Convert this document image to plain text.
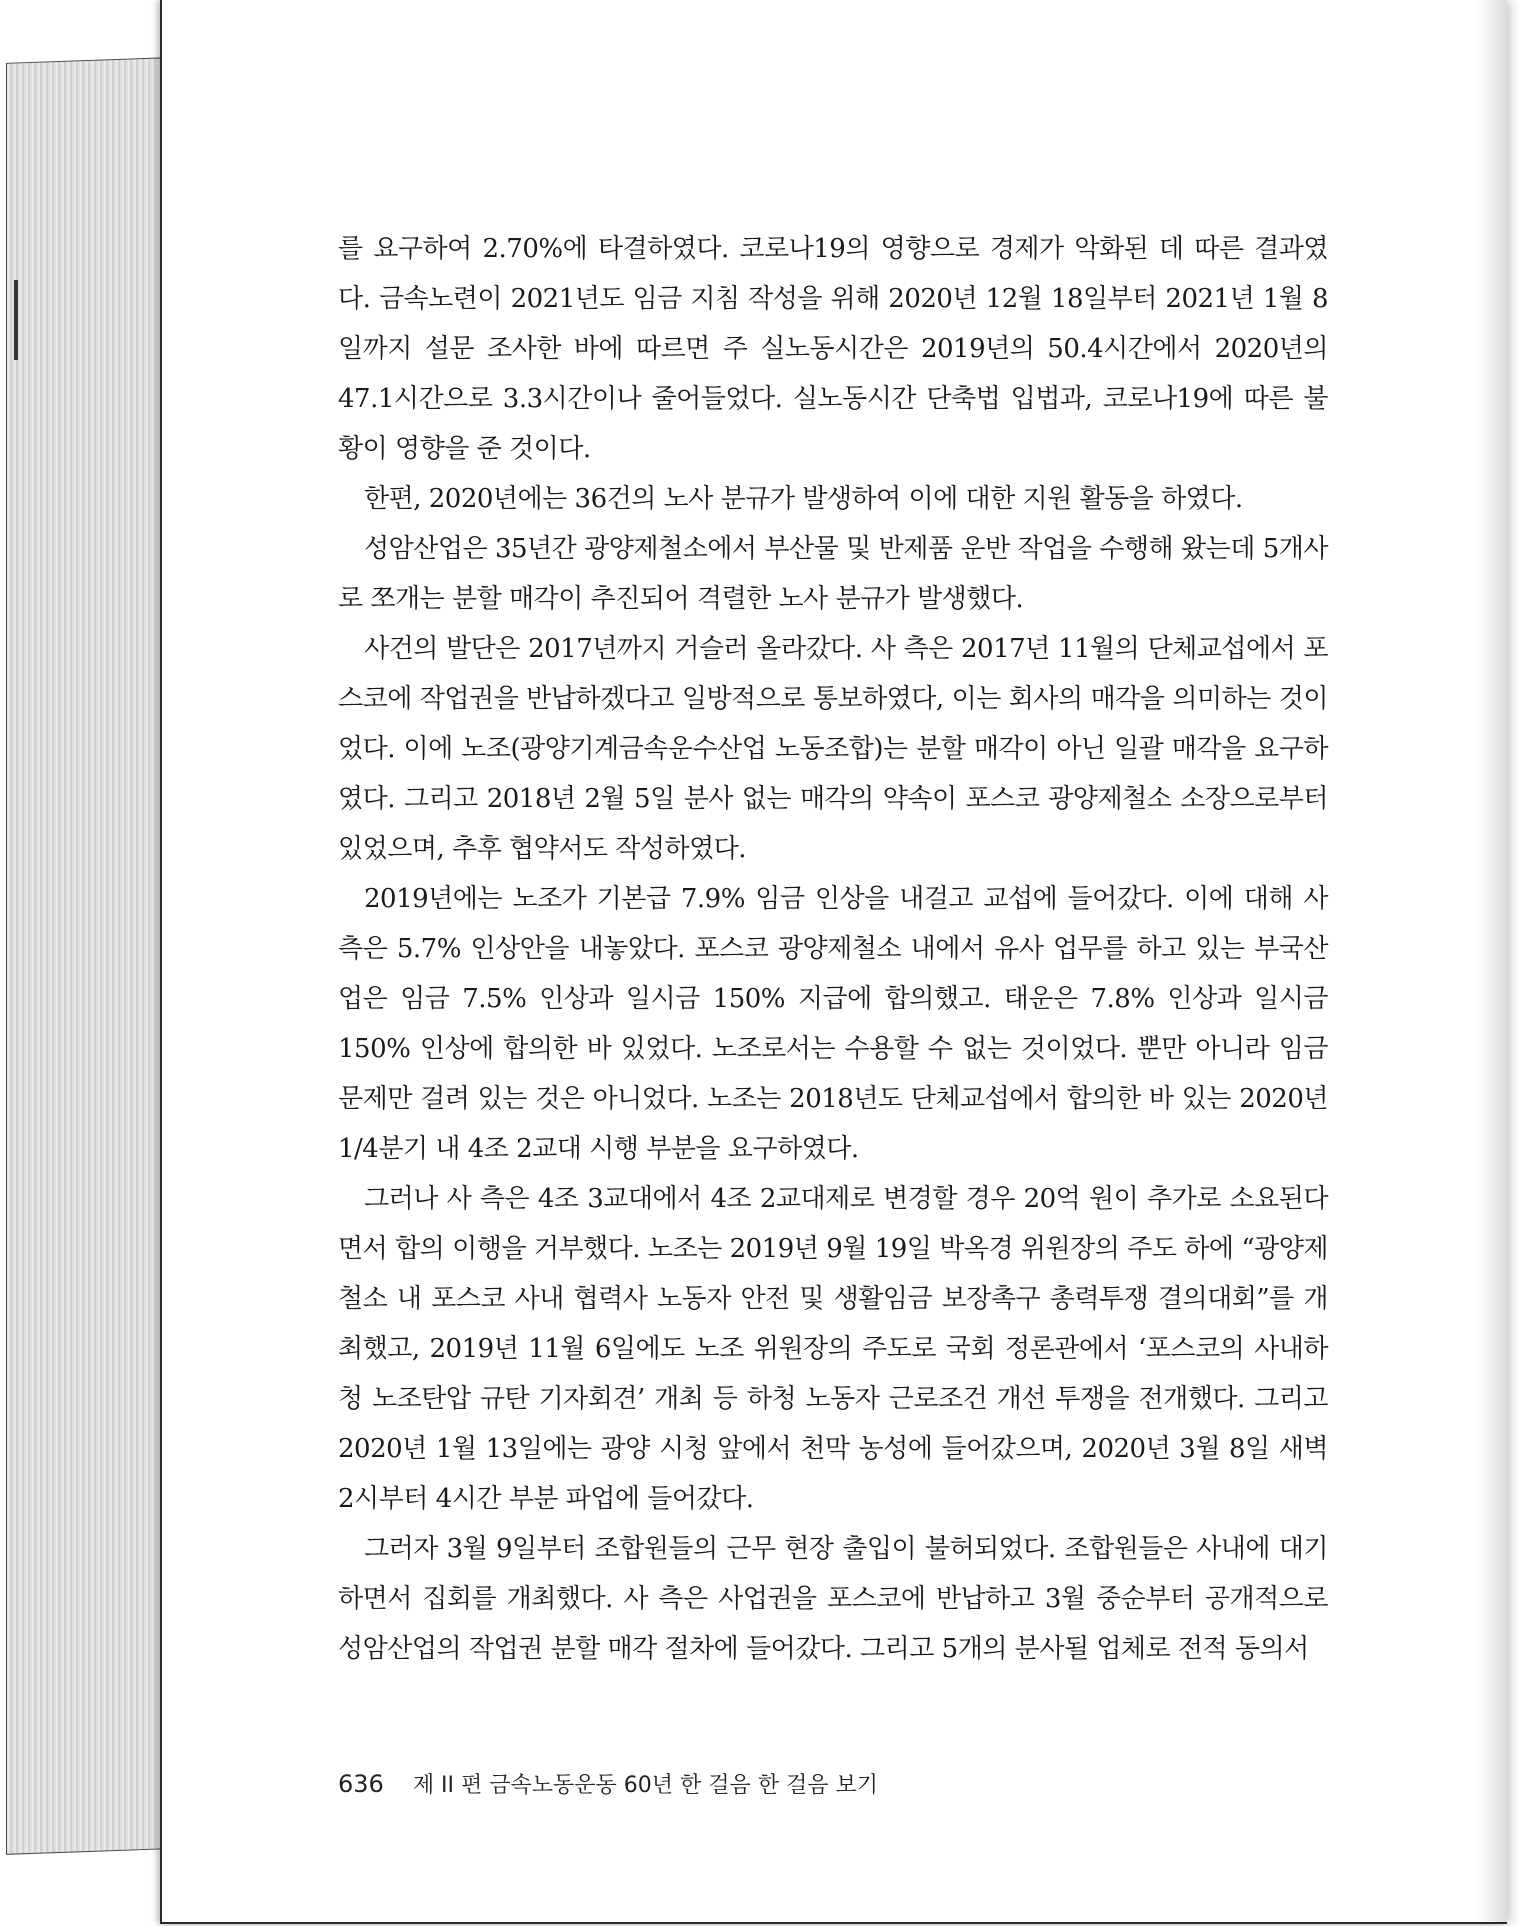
를 요구하여 2.70%에 타결하였다. 코로나19의 영향으로 경제가 악화된 데 따른 결과였다. 금속노련이 2021년도 임금 지침 작성을 위해 2020년 12월 18일부터 2021년 1월 8일까지 설문 조사한 바에 따르면 주 실노동시간은 2019년의 50.4시간에서 2020년의 47.1시간으로 3.3시간이나 줄어들었다. 실노동시간 단축법 입법과, 코로나19에 따른 불황이 영향을 준 것이다.

한편, 2020년에는 36건의 노사 분규가 발생하여 이에 대한 지원 활동을 하였다.

성암산업은 35년간 광양제철소에서 부산물 및 반제품 운반 작업을 수행해 왔는데 5개사로 쪼개는 분할 매각이 추진되어 격렬한 노사 분규가 발생했다.

사건의 발단은 2017년까지 거슬러 올라갔다. 사 측은 2017년 11월의 단체교섭에서 포스코에 작업권을 반납하겠다고 일방적으로 통보하였다, 이는 회사의 매각을 의미하는 것이었다. 이에 노조(광양기계금속운수산업 노동조합)는 분할 매각이 아닌 일괄 매각을 요구하였다. 그리고 2018년 2월 5일 분사 없는 매각의 약속이 포스코 광양제철소 소장으로부터 있었으며, 추후 협약서도 작성하였다.

2019년에는 노조가 기본급 7.9% 임금 인상을 내걸고 교섭에 들어갔다. 이에 대해 사 측은 5.7% 인상안을 내놓았다. 포스코 광양제철소 내에서 유사 업무를 하고 있는 부국산업은 임금 7.5% 인상과 일시금 150% 지급에 합의했고. 태운은 7.8% 인상과 일시금 150% 인상에 합의한 바 있었다. 노조로서는 수용할 수 없는 것이었다. 뿐만 아니라 임금 문제만 걸려 있는 것은 아니었다. 노조는 2018년도 단체교섭에서 합의한 바 있는 2020년 1/4분기 내 4조 2교대 시행 부분을 요구하였다.

그러나 사 측은 4조 3교대에서 4조 2교대제로 변경할 경우 20억 원이 추가로 소요된다면서 합의 이행을 거부했다. 노조는 2019년 9월 19일 박옥경 위원장의 주도 하에 “광양제철소 내 포스코 사내 협력사 노동자 안전 및 생활임금 보장촉구 총력투쟁 결의대회”를 개최했고, 2019년 11월 6일에도 노조 위원장의 주도로 국회 정론관에서 ‘포스코의 사내하청 노조탄압 규탄 기자회견’ 개최 등 하청 노동자 근로조건 개선 투쟁을 전개했다. 그리고 2020년 1월 13일에는 광양 시청 앞에서 천막 농성에 들어갔으며, 2020년 3월 8일 새벽 2시부터 4시간 부분 파업에 들어갔다.

그러자 3월 9일부터 조합원들의 근무 현장 출입이 불허되었다. 조합원들은 사내에 대기하면서 집회를 개최했다. 사 측은 사업권을 포스코에 반납하고 3월 중순부터 공개적으로 성암산업의 작업권 분할 매각 절차에 들어갔다. 그리고 5개의 분사될 업체로 전적 동의서

636 제 II 편 금속노동운동 60년 한 걸음 한 걸음 보기
